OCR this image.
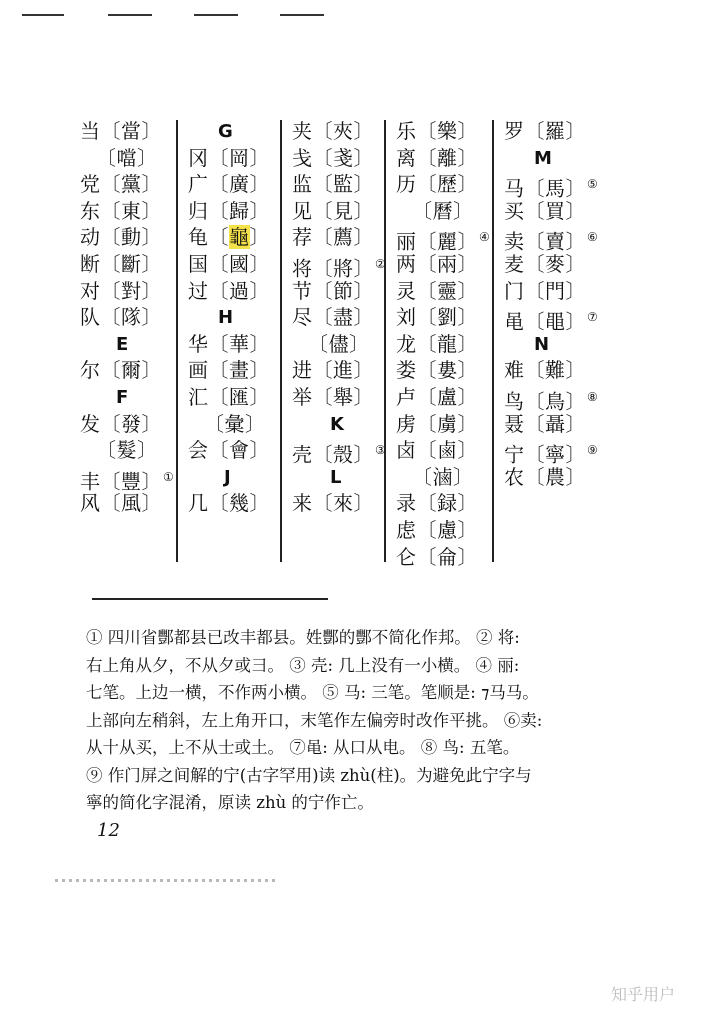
当〔當〕
〔噹〕
党〔黨〕
东〔東〕
动〔動〕
断〔斷〕
对〔對〕
队〔隊〕
E
尔〔爾〕
F
发〔發〕
〔髮〕
丰〔豐〕①
风〔風〕
G
冈〔岡〕
广〔廣〕
归〔歸〕
龟〔龜〕
国〔國〕
过〔過〕
H
华〔華〕
画〔畫〕
汇〔匯〕
〔彙〕
会〔會〕
J
几〔幾〕
夹〔夾〕
戋〔戔〕
监〔監〕
见〔見〕
荐〔薦〕
将〔將〕②
节〔節〕
尽〔盡〕
〔儘〕
进〔進〕
举〔舉〕
K
壳〔殼〕③
L
来〔來〕
乐〔樂〕
离〔離〕
历〔歷〕
〔曆〕
丽〔麗〕④
两〔兩〕
灵〔靈〕
刘〔劉〕
龙〔龍〕
娄〔婁〕
卢〔盧〕
虏〔虜〕
卤〔鹵〕
〔滷〕
录〔録〕
虑〔慮〕
仑〔侖〕
罗〔羅〕
M
马〔馬〕⑤
买〔買〕
卖〔賣〕⑥
麦〔麥〕
门〔門〕
黾〔黽〕⑦
N
难〔難〕
鸟〔鳥〕⑧
聂〔聶〕
宁〔寧〕⑨
农〔農〕
① 四川省酆都县已改丰都县。姓酆的酆不简化作邦。 ② 将:
右上角从夕，不从夕或⺕。 ③ 壳: 几上没有一小横。 ④ 丽:
七笔。上边一横，不作两小横。 ⑤ 马: 三笔。笔顺是: ⁊马马。
上部向左稍斜，左上角开口，末笔作左偏旁时改作平挑。 ⑥卖:
从十从买，上不从士或土。 ⑦黾: 从口从电。 ⑧ 鸟: 五笔。
⑨ 作门屏之间解的宁(古字罕用)读 zhù(柱)。为避免此宁字与
寧的简化字混淆，原读 zhù 的宁作亡。
12
知乎用户
